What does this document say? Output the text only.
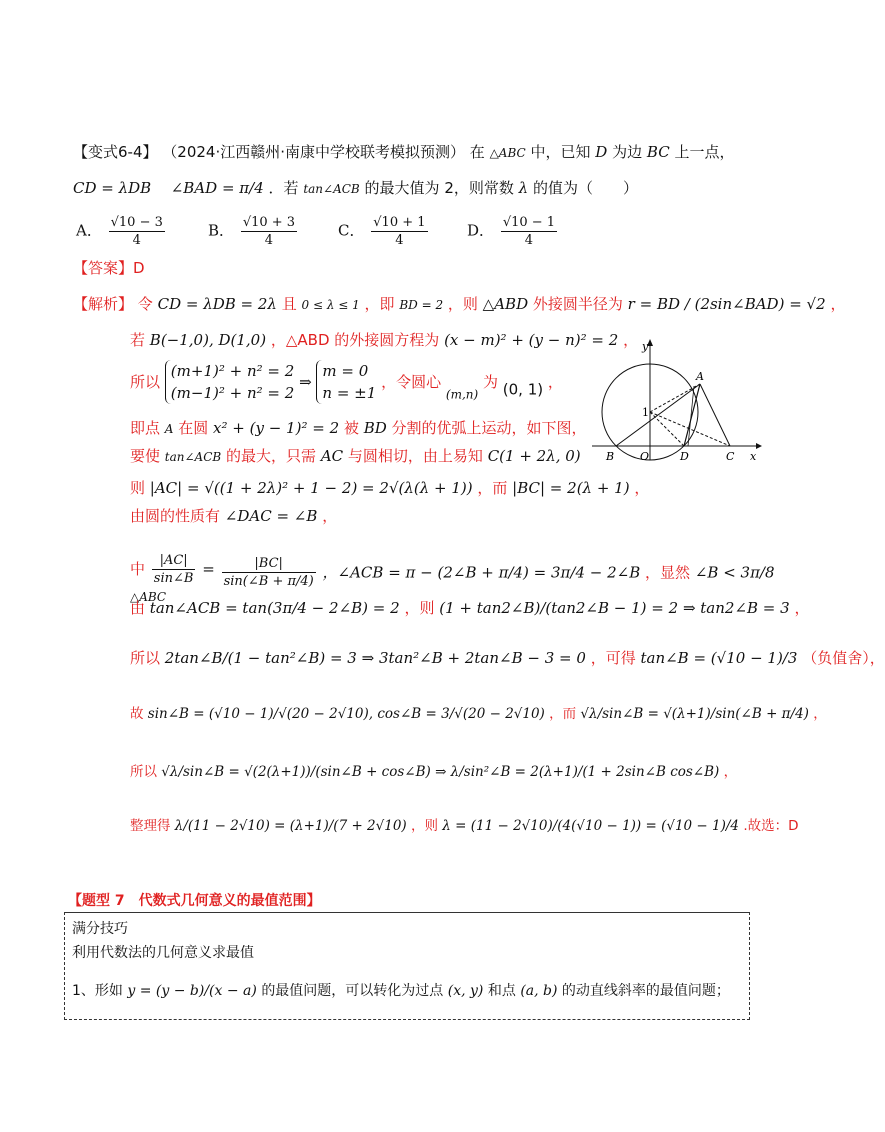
【变式6-4】 （2024·江西赣州·南康中学校联考模拟预测） 在 △ABC 中，已知 D 为边 BC 上一点，
CD = λDB ∠BAD = π/4 ．若 tan∠ACB 的最大值为 2，则常数 λ 的值为（　　）
A． $\frac{√10 - 3}{4}$	B． $\frac{√10 + 3}{4}$	C． $\frac{√10 + 1}{4}$	D． $\frac{√10 - 1}{4}$
【答案】D
【解析】 令 CD = λDB = 2λ 且 0 ≤ λ ≤ 1 ，即 BD = 2 ，则 △ABD 外接圆半径为 r = BD / (2sin∠BAD) = √2 ，
若 B(−1,0), D(1,0) ，△ABD 的外接圆方程为 (x − m)² + (y − n)² = 2 ，
所以
(m+1)² + n² = 2
(m−1)² + n² = 2
⇒
m = 0
n = ±1
，令圆心 $_{(m,n)}$ 为 (0, 1) ，
即点 A 在圆 x² + (y − 1)² = 2 被 BD 分割的优弧上运动，如下图，
要使 tan∠ACB 的最大，只需 AC 与圆相切，由上易知 C(1 + 2λ, 0)
则 |AC| = √((1 + 2λ)² + 1 − 2) = 2√(λ(λ + 1)) ，而 |BC| = 2(λ + 1) ，
由圆的性质有 ∠DAC = ∠B ，
中 $\frac{|AC|}{\sin\angle B}$ =
△ABC

$\frac{|BC|}{\sin(\angle B + \pi/4)}$ ，∠ACB = π − (2∠B + π/4) = 3π/4 − 2∠B ，显然 ∠B < 3π/8
由 tan∠ACB = tan(3π/4 − 2∠B) = 2 ，则 (1 + tan2∠B)/(tan2∠B − 1) = 2 ⇒ tan2∠B = 3 ，
所以 2tan∠B/(1 − tan²∠B) = 3 ⇒ 3tan²∠B + 2tan∠B − 3 = 0 ，可得 tan∠B = (√10 − 1)/3 （负值舍），
故 sin∠B = (√10 − 1)/√(20 − 2√10), cos∠B = 3/√(20 − 2√10) ，而 √λ/sin∠B = √(λ+1)/sin(∠B + π/4) ，
所以 √λ/sin∠B = √(2(λ+1))/(sin∠B + cos∠B) ⇒ λ/sin²∠B = 2(λ+1)/(1 + 2sin∠B cos∠B) ，
整理得 λ/(11 − 2√10) = (λ+1)/(7 + 2√10) ，则 λ = (11 − 2√10)/(4(√10 − 1)) = (√10 − 1)/4 .故选：D
y
x
A
B O	D	C
1
【题型 7　代数式几何意义的最值范围】
满分技巧
利用代数法的几何意义求最值
1、形如 y = (y − b)/(x − a) 的最值问题，可以转化为过点 (x, y) 和点 (a, b) 的动直线斜率的最值问题；
